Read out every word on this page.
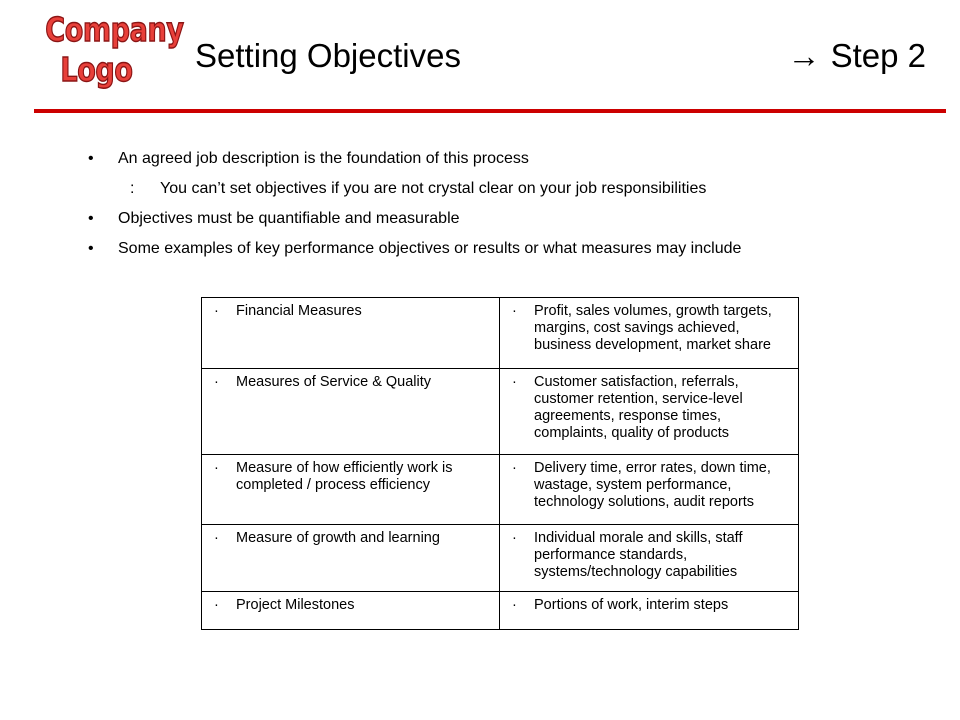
Company
Logo	Setting Objectives	→ Step 2
• An agreed job description is the foundation of this process
: You can’t set objectives if you are not crystal clear on your job responsibilities
• Objectives must be quantifiable and measurable
• Some examples of key performance objectives or results or what measures may include
· Financial Measures	· Profit, sales volumes, growth targets, margins, cost savings achieved, business development, market share

· Measures of Service & Quality	· Customer satisfaction, referrals, customer retention, service-level agreements, response times, complaints, quality of products

· Measure of how efficiently work is completed / process efficiency	· Delivery time, error rates, down time, wastage, system performance, technology solutions, audit reports

· Measure of growth and learning	· Individual morale and skills, staff performance standards, systems/technology capabilities

· Project Milestones	· Portions of work, interim steps
